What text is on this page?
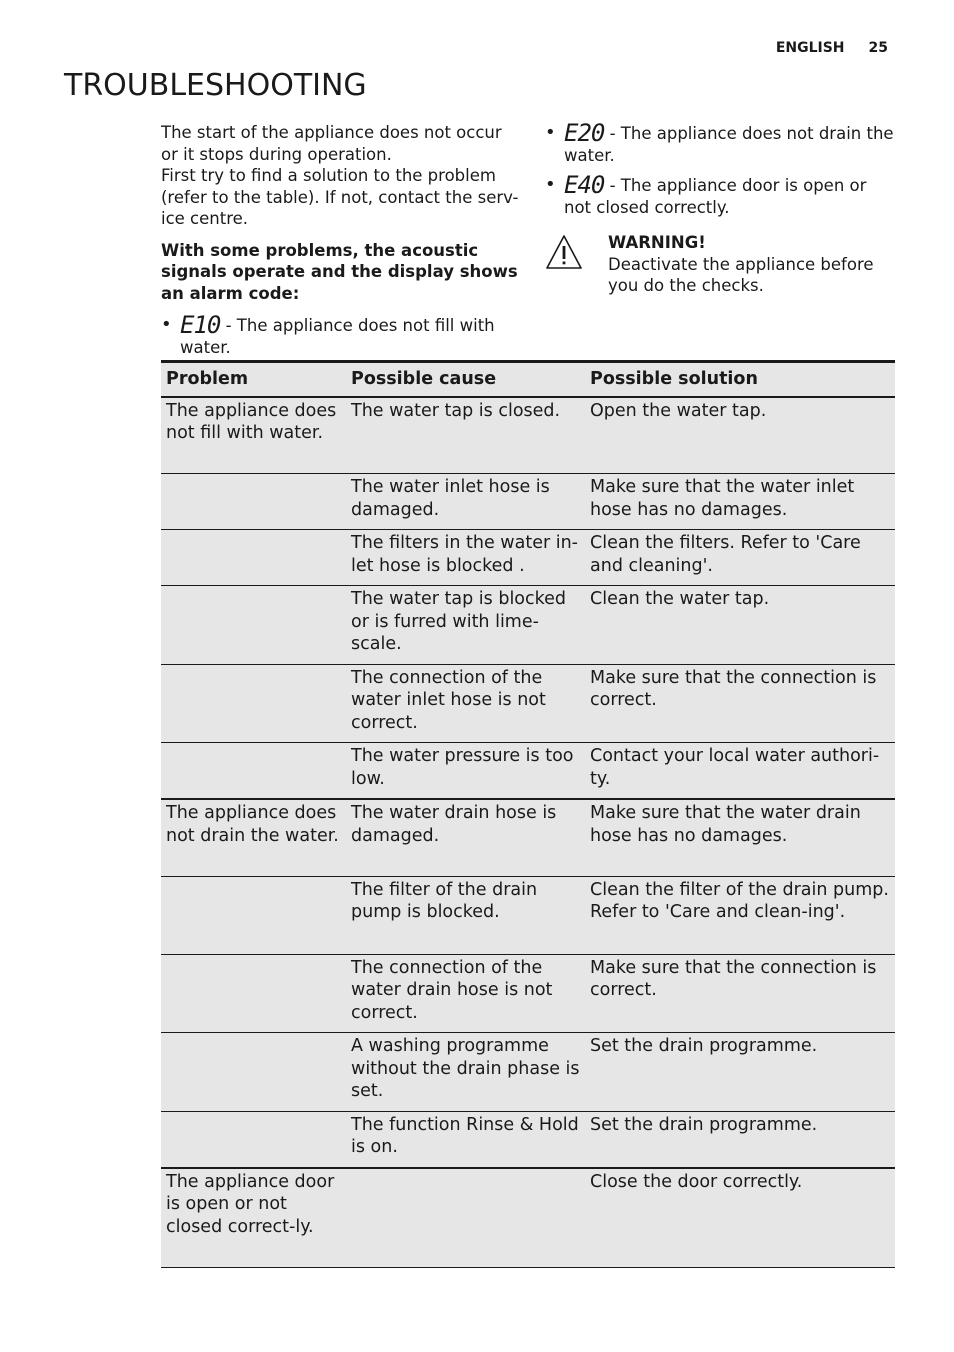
ENGLISH 25
TROUBLESHOOTING

The start of the appliance does not occur or it stops during operation.
First try to find a solution to the problem (refer to the table). If not, contact the serv-ice centre.

With some problems, the acoustic signals operate and the display shows an alarm code:

• E10 - The appliance does not fill with water.
• E20 - The appliance does not drain the water.
• E40 - The appliance door is open or not closed correctly.
WARNING!
Deactivate the appliance before you do the checks.
Problem	Possible cause	Possible solution
The appliance does not fill with water.	The water tap is closed.	Open the water tap.
	The water inlet hose is damaged.	Make sure that the water inlet hose has no damages.
	The filters in the water in-let hose is blocked .	Clean the filters. Refer to 'Care and cleaning'.
	The water tap is blocked or is furred with lime-scale.	Clean the water tap.
	The connection of the water inlet hose is not correct.	Make sure that the connection is correct.
	The water pressure is too low.	Contact your local water authori-ty.
The appliance does not drain the water.	The water drain hose is damaged.	Make sure that the water drain hose has no damages.
	The filter of the drain pump is blocked.	Clean the filter of the drain pump. Refer to 'Care and clean-ing'.
	The connection of the water drain hose is not correct.	Make sure that the connection is correct.
	A washing programme without the drain phase is set.	Set the drain programme.
	The function Rinse & Hold is on.	Set the drain programme.
The appliance door is open or not closed correct-ly.		Close the door correctly.
